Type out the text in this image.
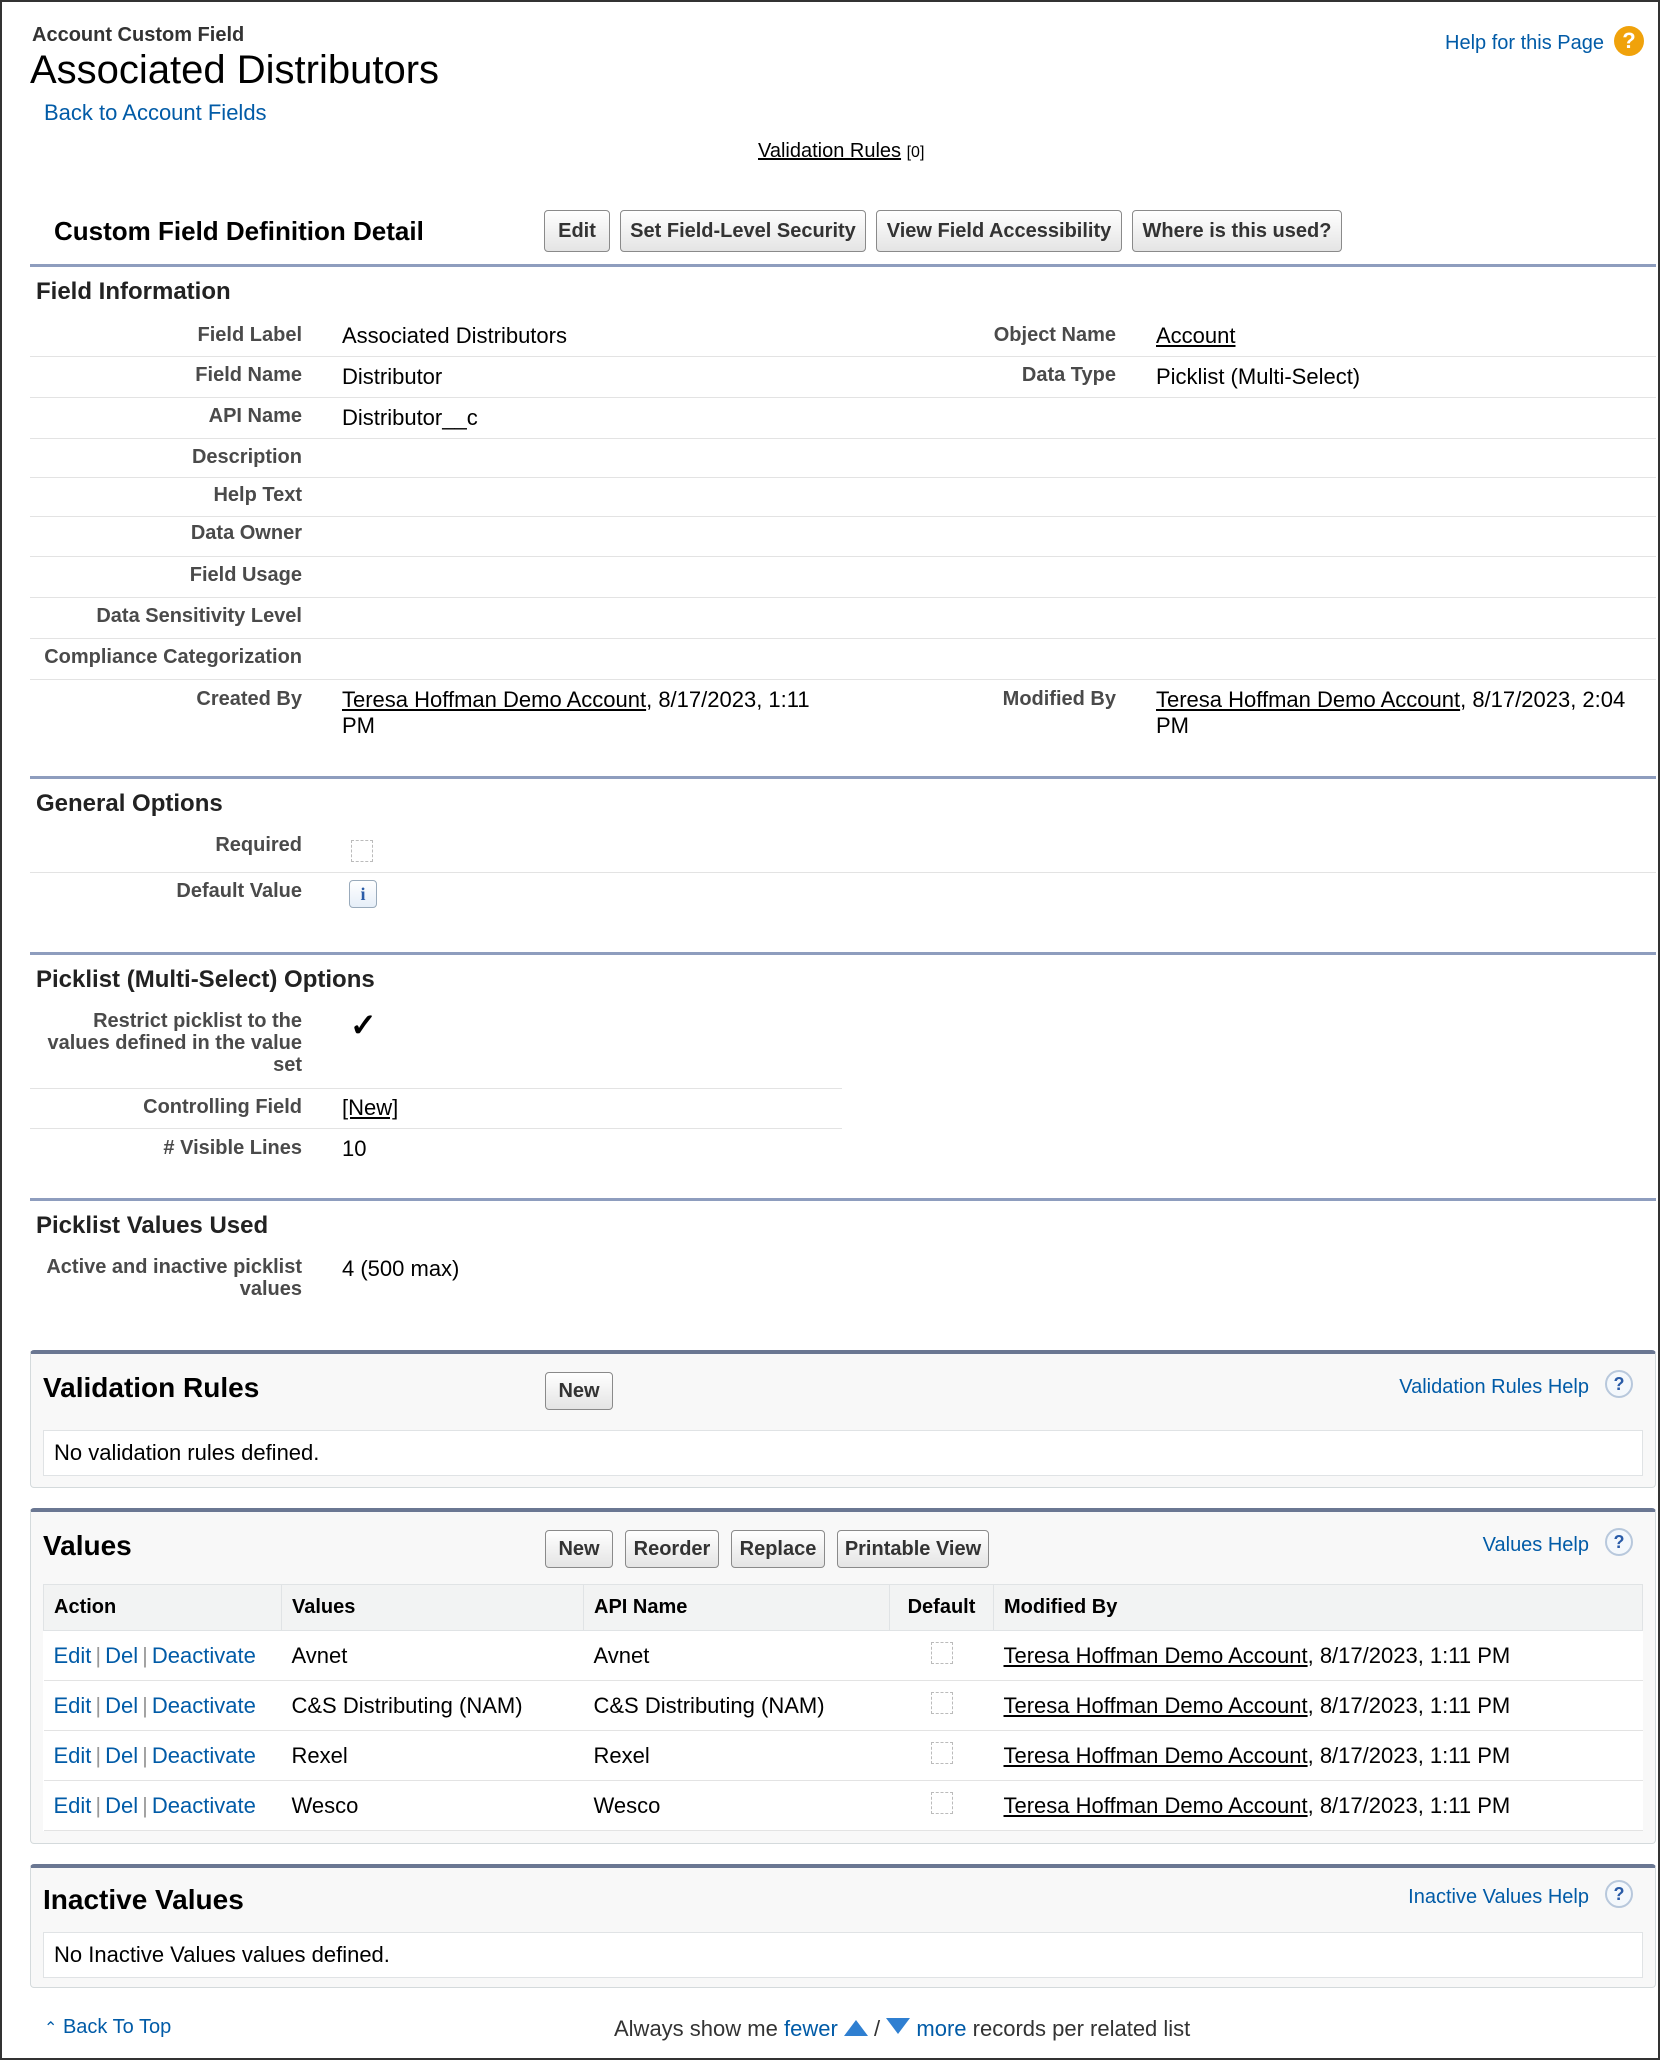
Account Custom Field
Associated Distributors
Back to Account Fields
Help for this Page ?
Validation Rules [0]
Custom Field Definition Detail	Edit	Set Field-Level Security	View Field Accessibility	Where is this used?
Field Information
Field Label Associated Distributors	Object Name Account
Field Name Distributor	Data Type Picklist (Multi-Select)
API Name Distributor__c
Description
Help Text
Data Owner
Field Usage
Data Sensitivity Level
Compliance Categorization
Created By Teresa Hoffman Demo Account, 8/17/2023, 1:11 PM
Modified By Teresa Hoffman Demo Account, 8/17/2023, 2:04 PM
General Options
Required
Default Value	i
Picklist (Multi-Select) Options
Restrict picklist to the values defined in the value set
✓
Controlling Field [New]
# Visible Lines 10
Picklist Values Used
Active and inactive picklist values
4 (500 max)
Validation Rules	New	Validation Rules Help	?
No validation rules defined.
Values	New	Reorder	Replace	Printable View	Values Help	?
Action	Values	API Name	Default	Modified By
Edit | Del | Deactivate	Avnet	Avnet		Teresa Hoffman Demo Account, 8/17/2023, 1:11 PM
Edit | Del | Deactivate	C&S Distributing (NAM)	C&S Distributing (NAM)		Teresa Hoffman Demo Account, 8/17/2023, 1:11 PM
Edit | Del | Deactivate	Rexel	Rexel		Teresa Hoffman Demo Account, 8/17/2023, 1:11 PM
Edit | Del | Deactivate	Wesco	Wesco		Teresa Hoffman Demo Account, 8/17/2023, 1:11 PM
Inactive Values	Inactive Values Help	?
No Inactive Values values defined.
⌃ Back To Top	Always show me fewer / more records per related list
